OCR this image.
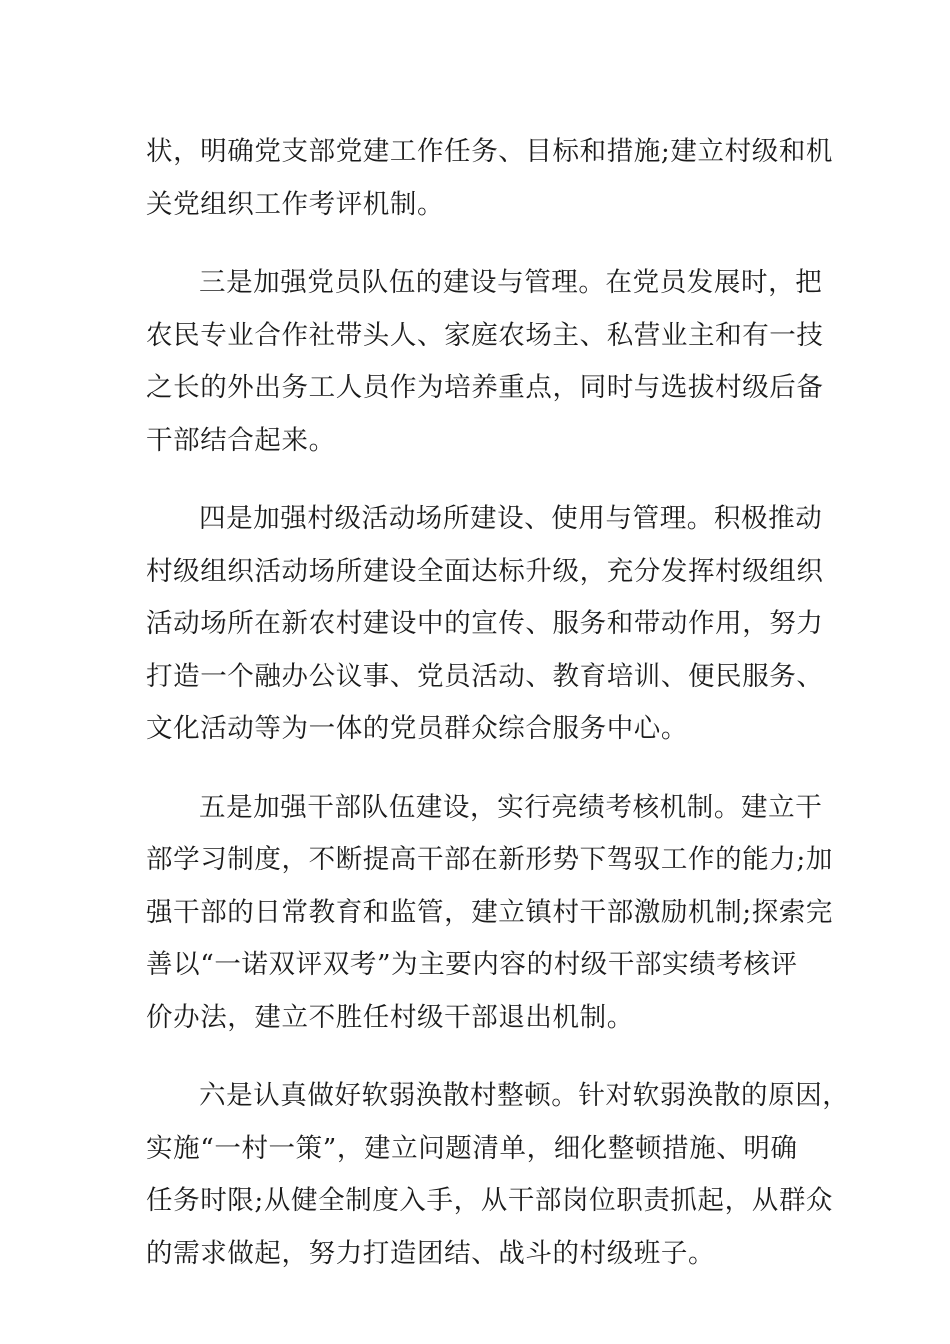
状，明确党支部党建工作任务、目标和措施;建立村级和机
关党组织工作考评机制。
三是加强党员队伍的建设与管理。在党员发展时，把
农民专业合作社带头人、家庭农场主、私营业主和有一技
之长的外出务工人员作为培养重点，同时与选拔村级后备
干部结合起来。
四是加强村级活动场所建设、使用与管理。积极推动
村级组织活动场所建设全面达标升级，充分发挥村级组织
活动场所在新农村建设中的宣传、服务和带动作用，努力
打造一个融办公议事、党员活动、教育培训、便民服务、
文化活动等为一体的党员群众综合服务中心。
五是加强干部队伍建设，实行亮绩考核机制。建立干
部学习制度，不断提高干部在新形势下驾驭工作的能力;加
强干部的日常教育和监管，建立镇村干部激励机制;探索完
善以“一诺双评双考”为主要内容的村级干部实绩考核评
价办法，建立不胜任村级干部退出机制。
六是认真做好软弱涣散村整顿。针对软弱涣散的原因，
实施“一村一策”，建立问题清单，细化整顿措施、明确
任务时限;从健全制度入手，从干部岗位职责抓起，从群众
的需求做起，努力打造团结、战斗的村级班子。
